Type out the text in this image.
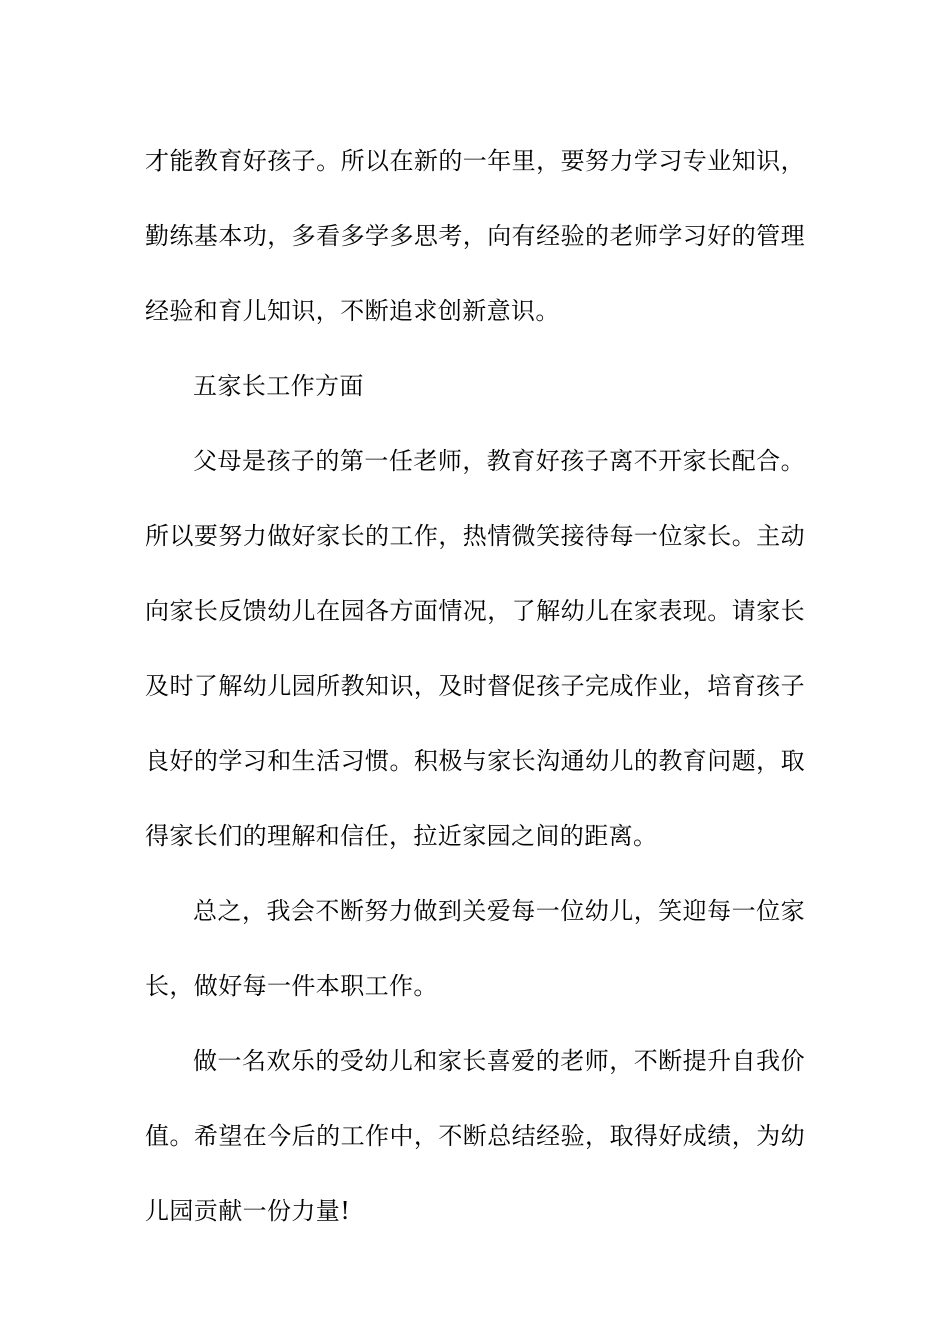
才能教育好孩子。所以在新的一年里，要努力学习专业知识，勤练基本功，多看多学多思考，向有经验的老师学习好的管理经验和育儿知识，不断追求创新意识。

五家长工作方面

父母是孩子的第一任老师，教育好孩子离不开家长配合。所以要努力做好家长的工作，热情微笑接待每一位家长。主动向家长反馈幼儿在园各方面情况，了解幼儿在家表现。请家长及时了解幼儿园所教知识，及时督促孩子完成作业，培育孩子良好的学习和生活习惯。积极与家长沟通幼儿的教育问题，取得家长们的理解和信任，拉近家园之间的距离。

总之，我会不断努力做到关爱每一位幼儿，笑迎每一位家长，做好每一件本职工作。

做一名欢乐的受幼儿和家长喜爱的老师，不断提升自我价值。希望在今后的工作中，不断总结经验，取得好成绩，为幼儿园贡献一份力量!
